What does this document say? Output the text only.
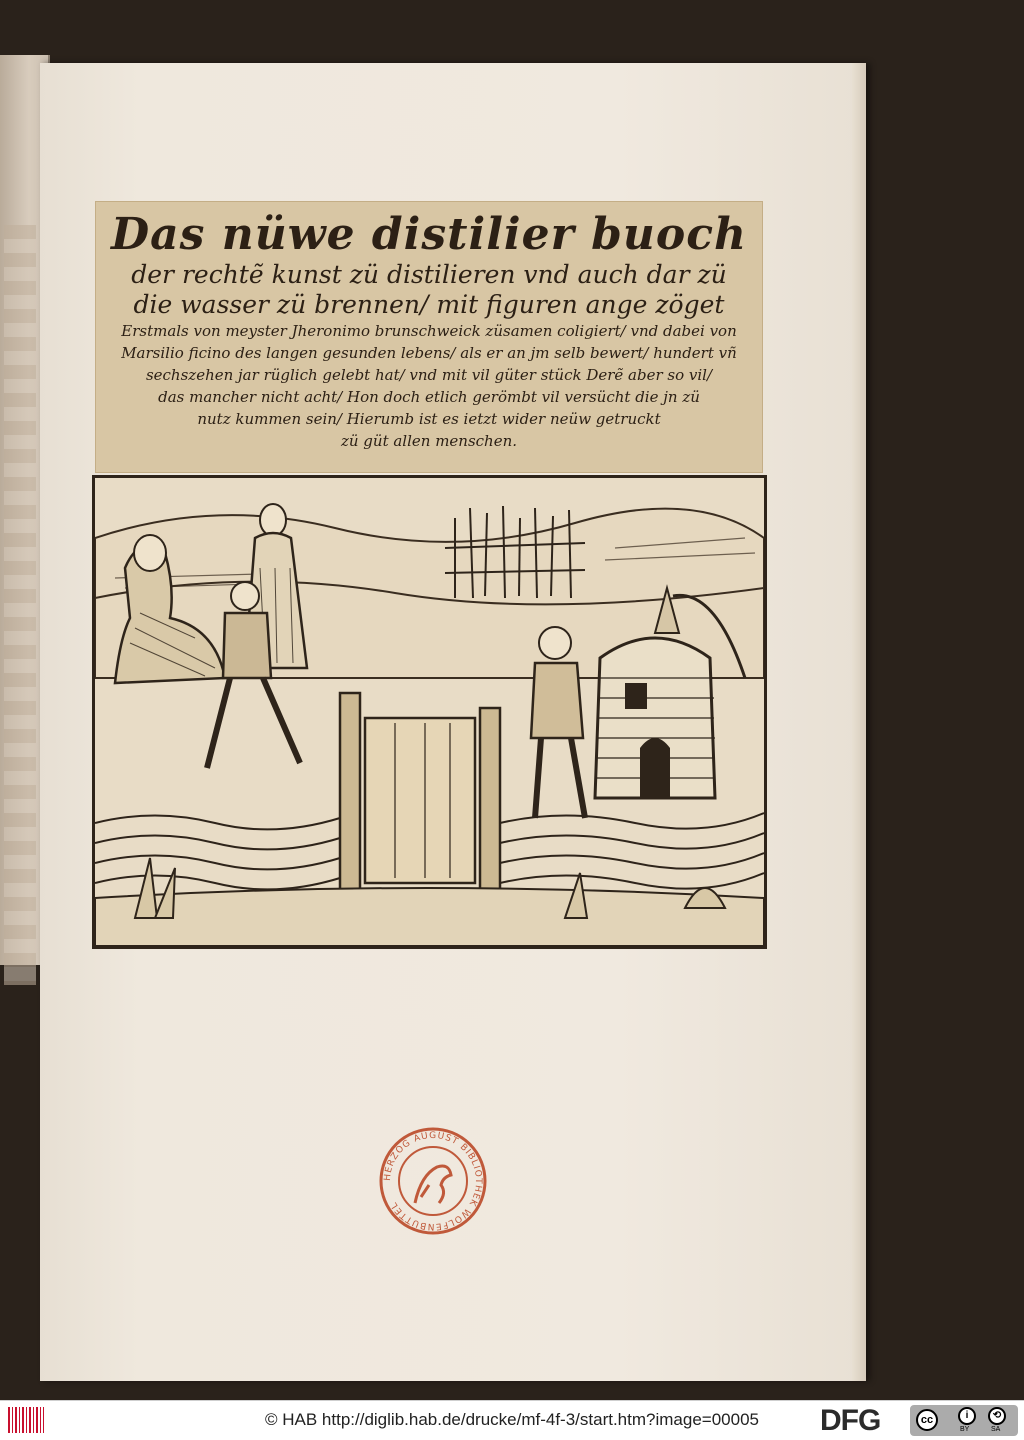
Das nüwe distilier buoch
der rechtẽ kunst zü distilieren vnd auch dar zü
die wasser zü brennen/ mit figuren ange zöget
Erstmals von meyster Jheronimo brunschweick züsamen coligiert/ vnd dabei von
Marsilio ficino des langen gesunden lebens/ als er an jm selb bewert/ hundert vñ
sechszehen jar rüglich gelebt hat/ vnd mit vil güter stück Derẽ aber so vil/
das mancher nicht acht/ Hon doch etlich gerömbt vil versücht die jn zü
nutz kummen sein/ Hierumb ist es ietzt wider neüw getruckt
zü güt allen menschen.
HERZOG AUGUST BIBLIOTHEK WOLFENBÜTTEL
© HAB http://diglib.hab.de/drucke/mf-4f-3/start.htm?image=00005	DFG	cc	i	⟲
BY	SA
